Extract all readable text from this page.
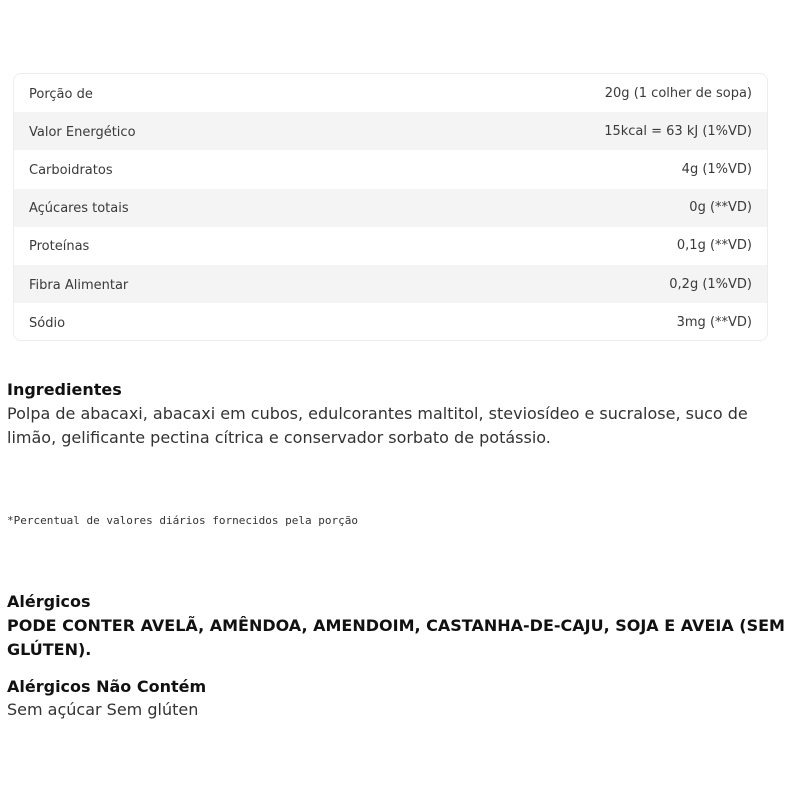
Porção de	20g (1 colher de sopa)
Valor Energético	15kcal = 63 kJ (1%VD)
Carboidratos	4g (1%VD)
Açúcares totais	0g (**VD)
Proteínas	0,1g (**VD)
Fibra Alimentar	0,2g (1%VD)
Sódio	3mg (**VD)
Ingredientes
Polpa de abacaxi, abacaxi em cubos, edulcorantes maltitol, steviosídeo e sucralose, suco de limão, gelificante pectina cítrica e conservador sorbato de potássio.
*Percentual de valores diários fornecidos pela porção
Alérgicos
PODE CONTER AVELÃ, AMÊNDOA, AMENDOIM, CASTANHA-DE-CAJU, SOJA E AVEIA (SEM GLÚTEN).
Alérgicos Não Contém
Sem açúcar Sem glúten
